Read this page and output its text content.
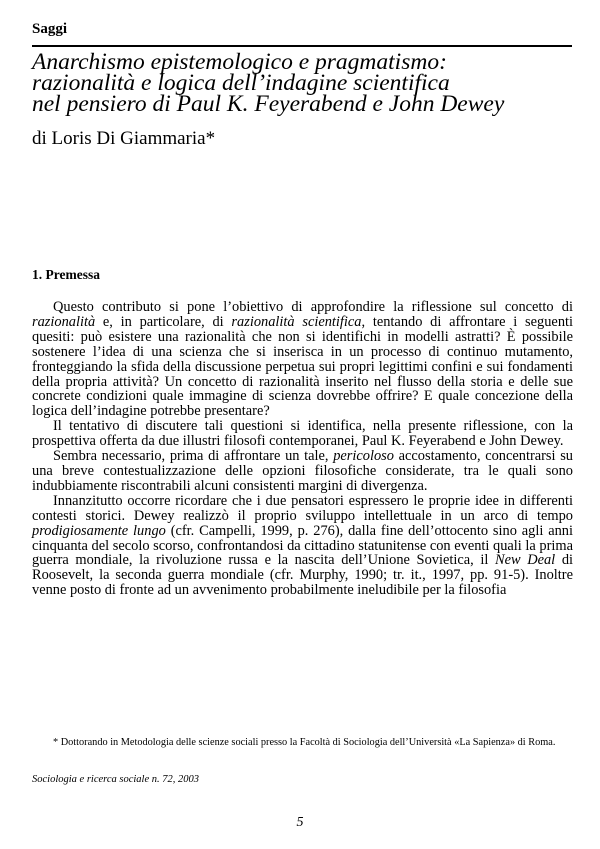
Saggi
Anarchismo epistemologico e pragmatismo:
razionalità e logica dell’indagine scientifica
nel pensiero di Paul K. Feyerabend e John Dewey
di Loris Di Giammaria*
1. Premessa

Questo contributo si pone l’obiettivo di approfondire la riflessione sul concetto di razionalità e, in particolare, di razionalità scientifica, tentando di affrontare i seguenti quesiti: può esistere una razionalità che non si identifichi in modelli astratti? È possibile sostenere l’idea di una scienza che si inserisca in un processo di continuo mutamento, fronteggiando la sfida della discussione perpetua sui propri legittimi confini e sui fondamenti della propria attività? Un concetto di razionalità inserito nel flusso della storia e delle sue concrete condizioni quale immagine di scienza dovrebbe offrire? E quale concezione della logica dell’indagine potrebbe presentare?

Il tentativo di discutere tali questioni si identifica, nella presente riflessione, con la prospettiva offerta da due illustri filosofi contemporanei, Paul K. Feyerabend e John Dewey.

Sembra necessario, prima di affrontare un tale, pericoloso accostamento, concentrarsi su una breve contestualizzazione delle opzioni filosofiche considerate, tra le quali sono indubbiamente riscontrabili alcuni consistenti margini di divergenza.

Innanzitutto occorre ricordare che i due pensatori espressero le proprie idee in differenti contesti storici. Dewey realizzò il proprio sviluppo intellettuale in un arco di tempo prodigiosamente lungo (cfr. Campelli, 1999, p. 276), dalla fine dell’ottocento sino agli anni cinquanta del secolo scorso, confrontandosi da cittadino statunitense con eventi quali la prima guerra mondiale, la rivoluzione russa e la nascita dell’Unione Sovietica, il New Deal di Roosevelt, la seconda guerra mondiale (cfr. Murphy, 1990; tr. it., 1997, pp. 91-5). Inoltre venne posto di fronte ad un avvenimento probabilmente ineludibile per la filosofia

* Dottorando in Metodologia delle scienze sociali presso la Facoltà di Sociologia dell’Università «La Sapienza» di Roma.
Sociologia e ricerca sociale n. 72, 2003
5
